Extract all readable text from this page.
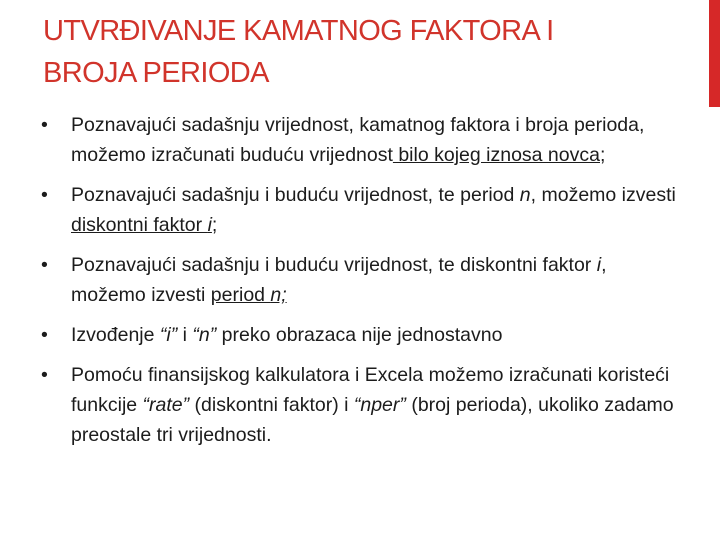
UTVRĐIVANJE KAMATNOG FAKTORA I
BROJA PERIODA
•	Poznavajući sadašnju vrijednost, kamatnog faktora i broja perioda, možemo izračunati buduću vrijednost bilo kojeg iznosa novca;
•	Poznavajući sadašnju i buduću vrijednost, te period n, možemo izvesti diskontni faktor i;
•	Poznavajući sadašnju i buduću vrijednost, te diskontni faktor i, možemo izvesti period n;
•	Izvođenje “i” i “n” preko obrazaca nije jednostavno
•	Pomoću finansijskog kalkulatora i Excela možemo izračunati koristeći funkcije “rate” (diskontni faktor) i “nper” (broj perioda), ukoliko zadamo preostale tri vrijednosti.
